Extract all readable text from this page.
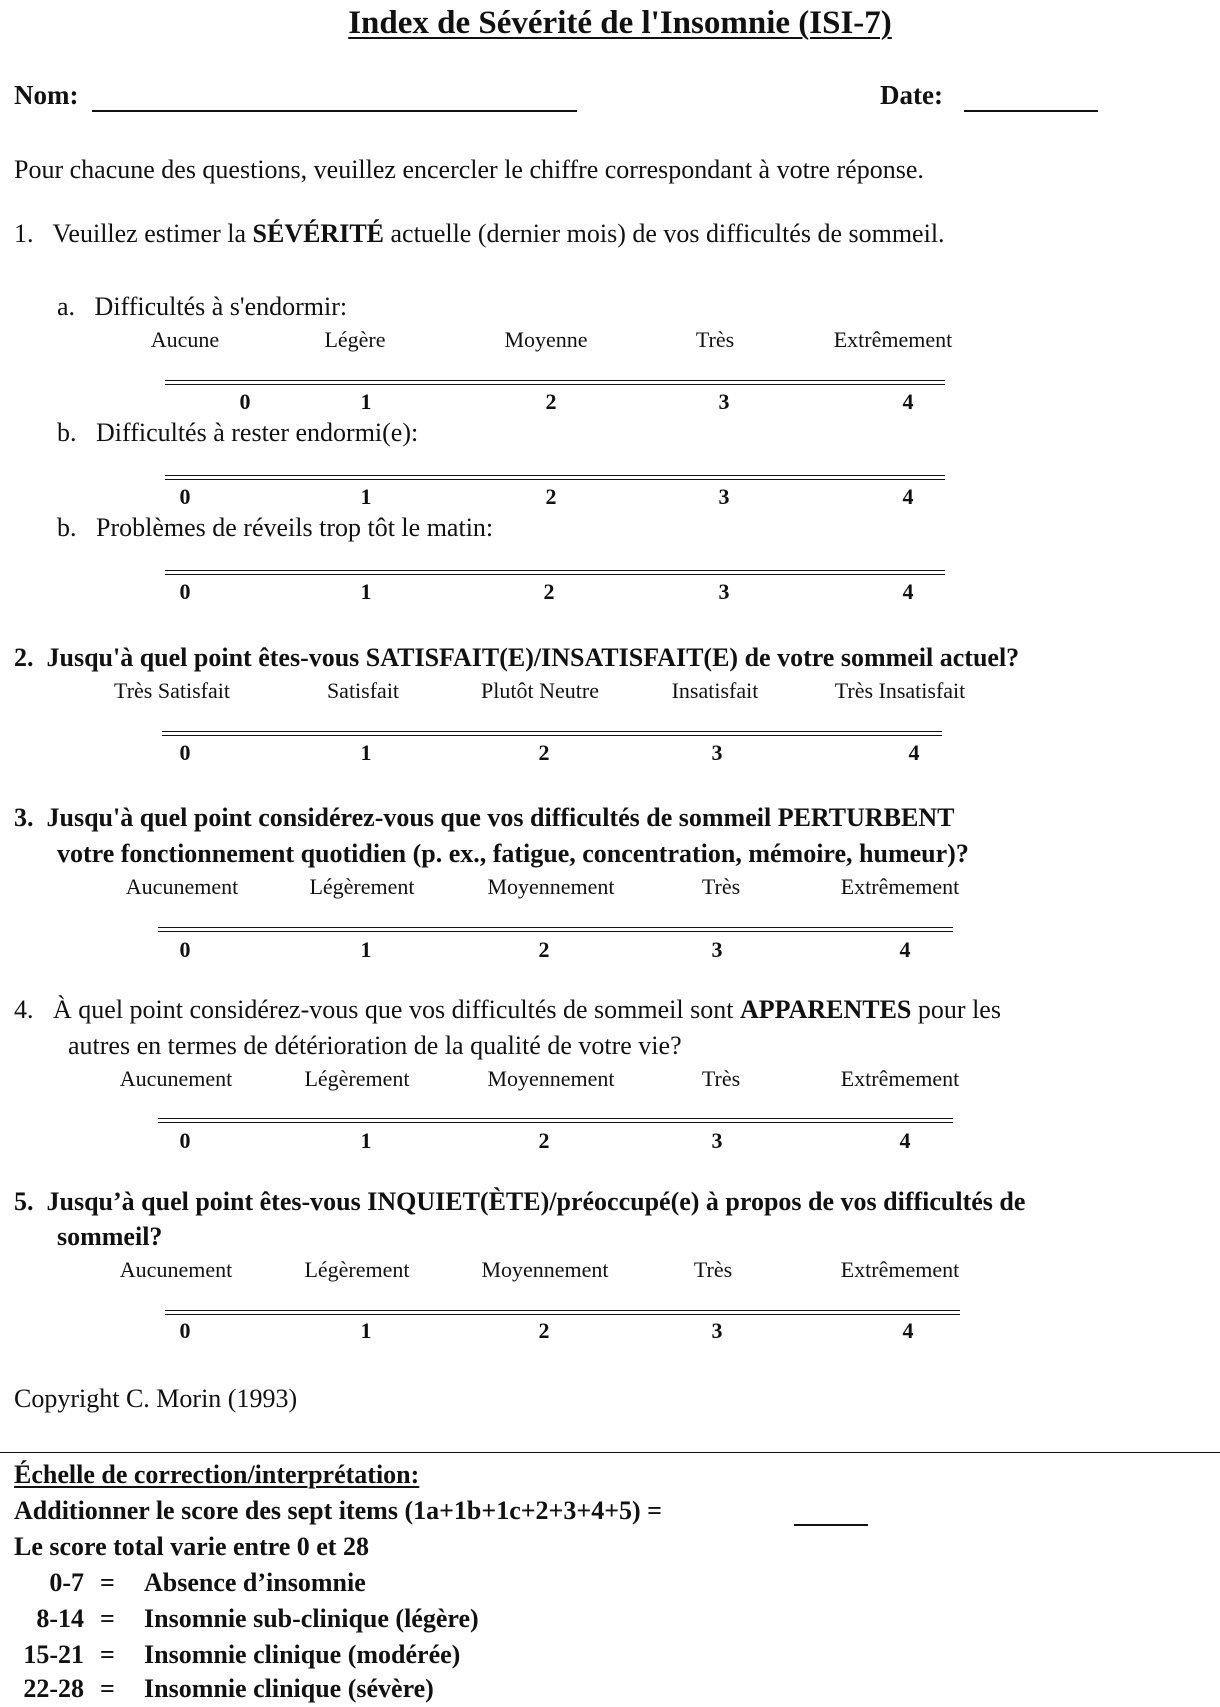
Index de Sévérité de l'Insomnie (ISI-7)
Nom:	Date:
Pour chacune des questions, veuillez encercler le chiffre correspondant à votre réponse.
1. Veuillez estimer la SÉVÉRITÉ actuelle (dernier mois) de vos difficultés de sommeil.
a. Difficultés à s'endormir:
Aucune	Légère	Moyenne	Très	Extrêmement
0	1	2	3	4
b. Difficultés à rester endormi(e):
0	1	2	3	4
b. Problèmes de réveils trop tôt le matin:
0	1	2	3	4
2. Jusqu'à quel point êtes-vous SATISFAIT(E)/INSATISFAIT(E) de votre sommeil actuel?
Très Satisfait	Satisfait	Plutôt Neutre	Insatisfait	Très Insatisfait
0	1	2	3	4
3. Jusqu'à quel point considérez-vous que vos difficultés de sommeil PERTURBENT
votre fonctionnement quotidien (p. ex., fatigue, concentration, mémoire, humeur)?
Aucunement	Légèrement	Moyennement	Très	Extrêmement
0	1	2	3	4
4. À quel point considérez-vous que vos difficultés de sommeil sont APPARENTES pour les
autres en termes de détérioration de la qualité de votre vie?
Aucunement	Légèrement	Moyennement	Très	Extrêmement
0	1	2	3	4
5. Jusqu’à quel point êtes-vous INQUIET(ÈTE)/préoccupé(e) à propos de vos difficultés de
sommeil?
Aucunement	Légèrement	Moyennement	Très	Extrêmement
0	1	2	3	4
Copyright C. Morin (1993)
Échelle de correction/interprétation:
Additionner le score des sept items (1a+1b+1c+2+3+4+5) =
Le score total varie entre 0 et 28
0-7 = Absence d’insomnie
8-14 = Insomnie sub-clinique (légère)
15-21 = Insomnie clinique (modérée)
22-28 = Insomnie clinique (sévère)
